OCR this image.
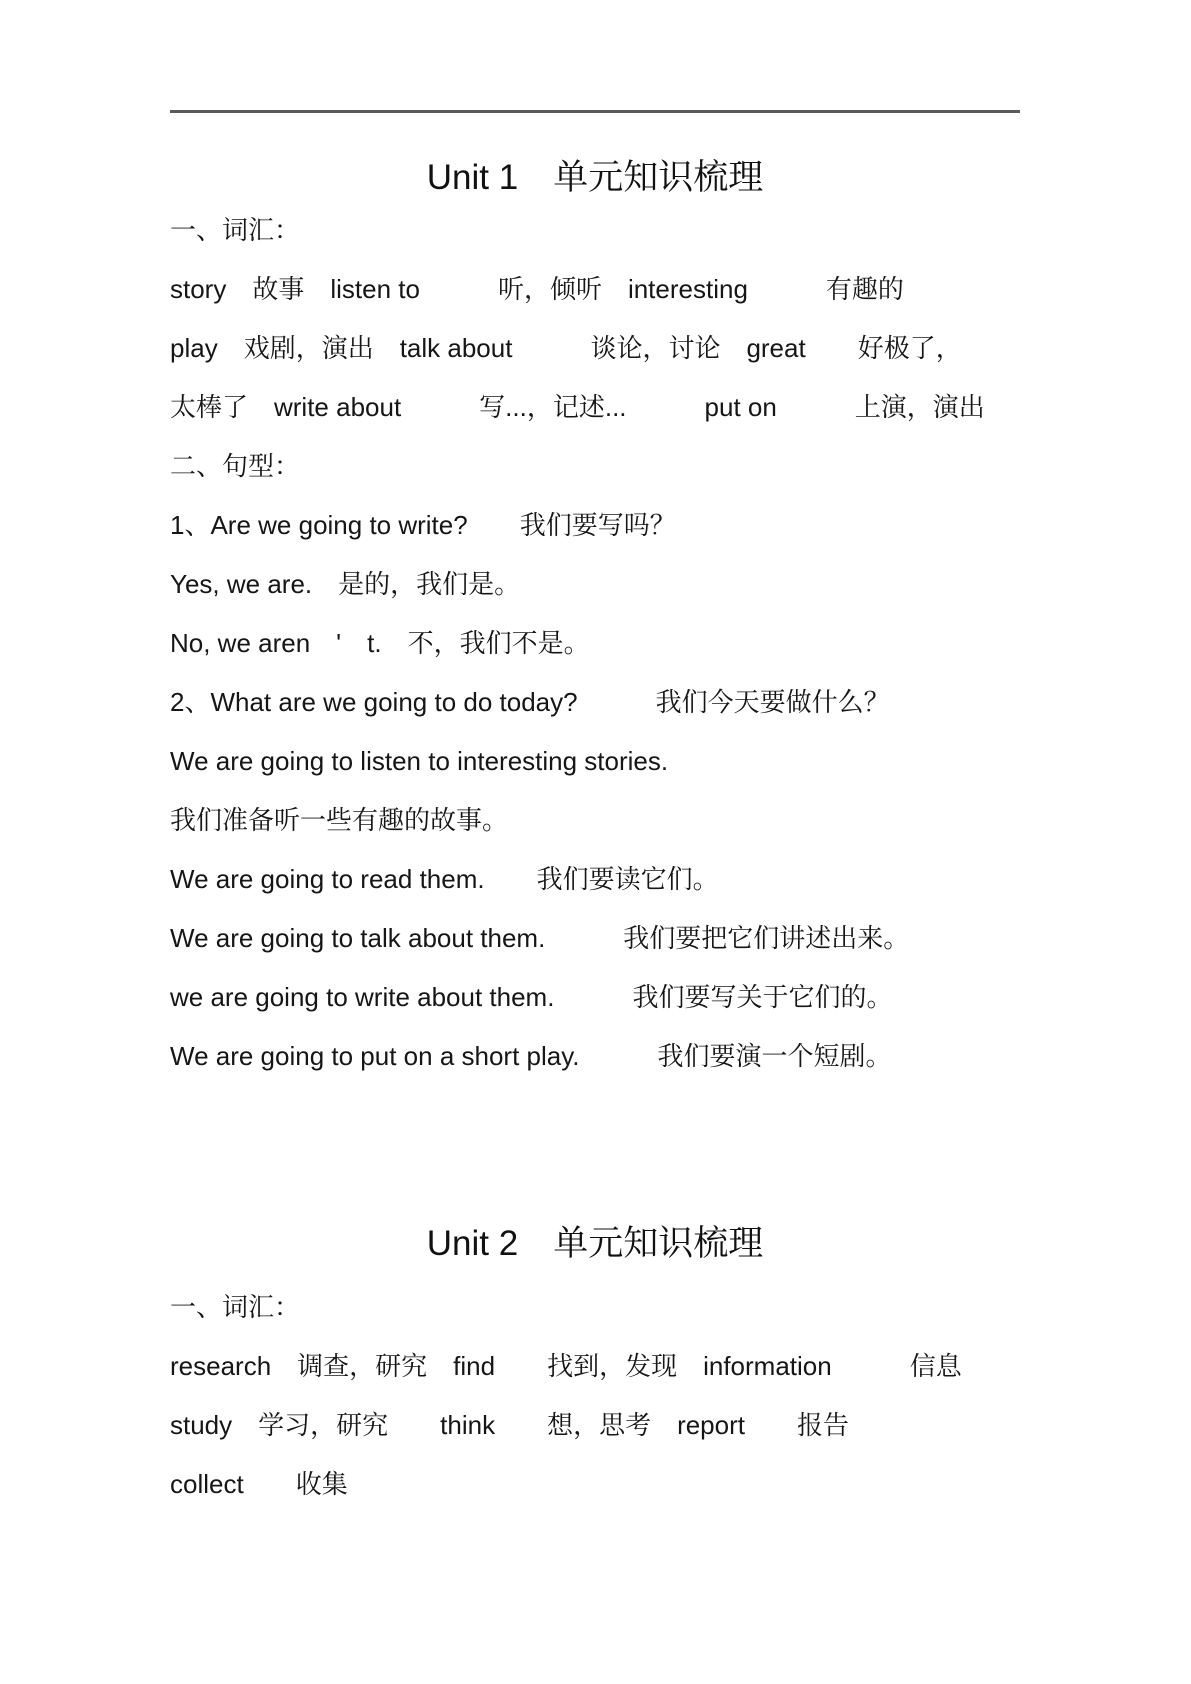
Unit 1　单元知识梳理
一、词汇：
story　故事　listen to　　　听，倾听　interesting　　　有趣的
play　戏剧，演出　talk about　　　谈论，讨论　great　　好极了，
太棒了　write about　　　写...，记述...　　　put on　　　上演，演出
二、句型：
1、Are we going to write?　　我们要写吗？
Yes, we are.　是的，我们是。
No, we aren　'　t.　不，我们不是。
2、What are we going to do today?　　　我们今天要做什么？
We are going to listen to interesting stories.
我们准备听一些有趣的故事。
We are going to read them.　　我们要读它们。
We are going to talk about them.　　　我们要把它们讲述出来。
we are going to write about them.　　　我们要写关于它们的。
We are going to put on a short play.　　　我们要演一个短剧。
Unit 2　单元知识梳理
一、词汇：
research　调查，研究　find　　找到，发现　information　　　信息
study　学习，研究　　think　　想，思考　report　　报告
collect　　收集
